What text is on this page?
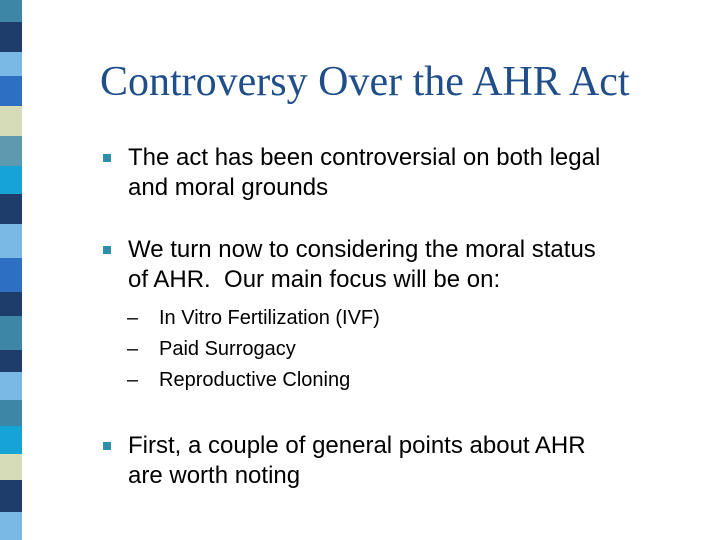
Controversy Over the AHR Act
The act has been controversial on both legal
and moral grounds
We turn now to considering the moral status
of AHR.  Our main focus will be on:
– In Vitro Fertilization (IVF)
– Paid Surrogacy
– Reproductive Cloning
First, a couple of general points about AHR
are worth noting
